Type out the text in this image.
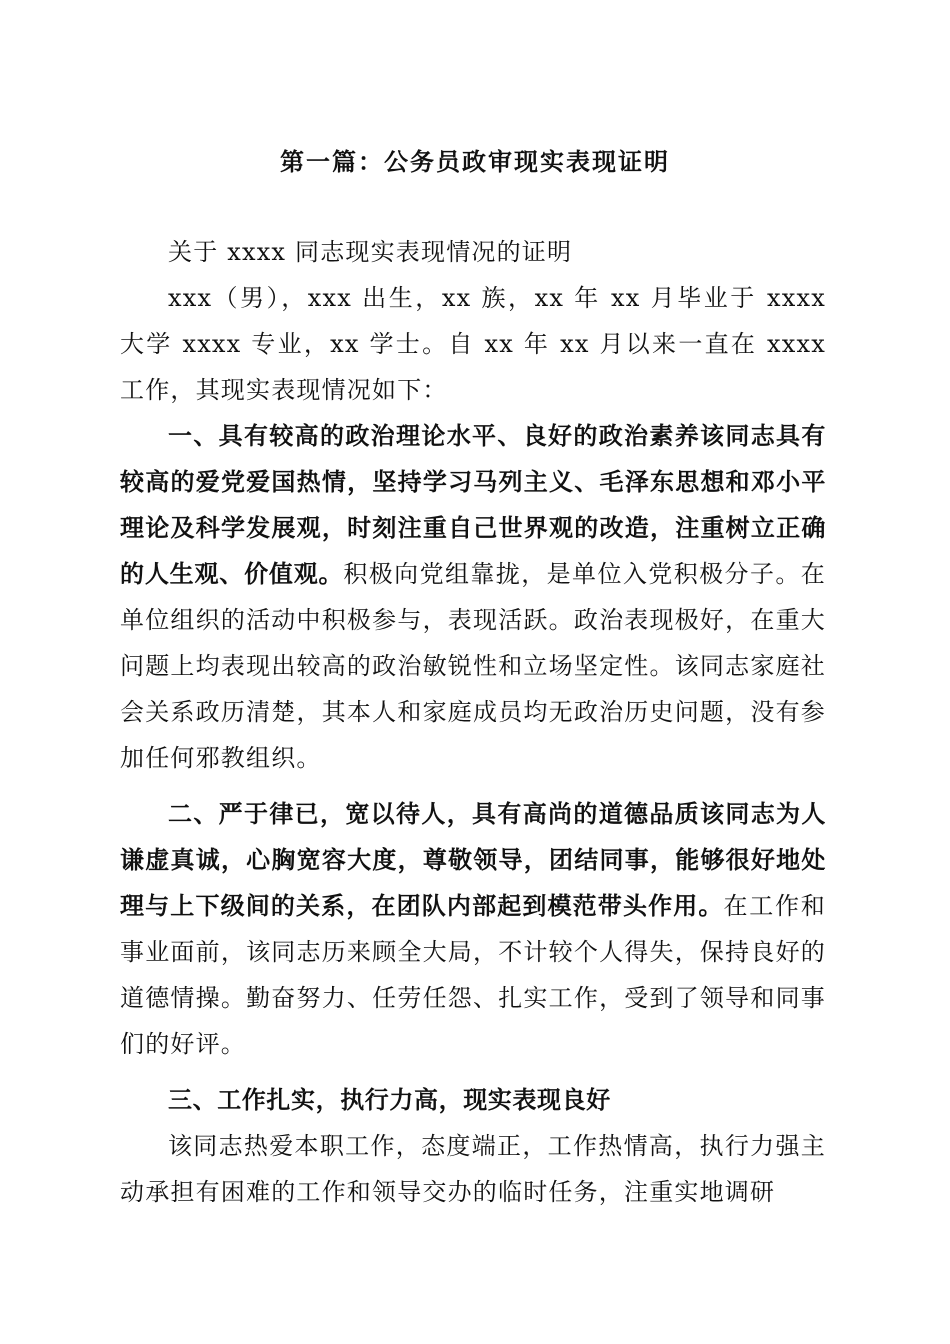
第一篇：公务员政审现实表现证明

关于 xxxx 同志现实表现情况的证明

xxx（男），xxx 出生，xx 族，xx 年 xx 月毕业于 xxxx 大学 xxxx 专业，xx 学士。自 xx 年 xx 月以来一直在 xxxx 工作，其现实表现情况如下：

一、具有较高的政治理论水平、良好的政治素养该同志具有较高的爱党爱国热情，坚持学习马列主义、毛泽东思想和邓小平理论及科学发展观，时刻注重自己世界观的改造，注重树立正确的人生观、价值观。积极向党组靠拢，是单位入党积极分子。在单位组织的活动中积极参与，表现活跃。政治表现极好，在重大问题上均表现出较高的政治敏锐性和立场坚定性。该同志家庭社会关系政历清楚，其本人和家庭成员均无政治历史问题，没有参加任何邪教组织。

二、严于律已，宽以待人，具有高尚的道德品质该同志为人谦虚真诚，心胸宽容大度，尊敬领导，团结同事，能够很好地处理与上下级间的关系，在团队内部起到模范带头作用。在工作和事业面前，该同志历来顾全大局，不计较个人得失，保持良好的道德情操。勤奋努力、任劳任怨、扎实工作，受到了领导和同事们的好评。

三、工作扎实，执行力高，现实表现良好

该同志热爱本职工作，态度端正，工作热情高，执行力强主动承担有困难的工作和领导交办的临时任务，注重实地调研
